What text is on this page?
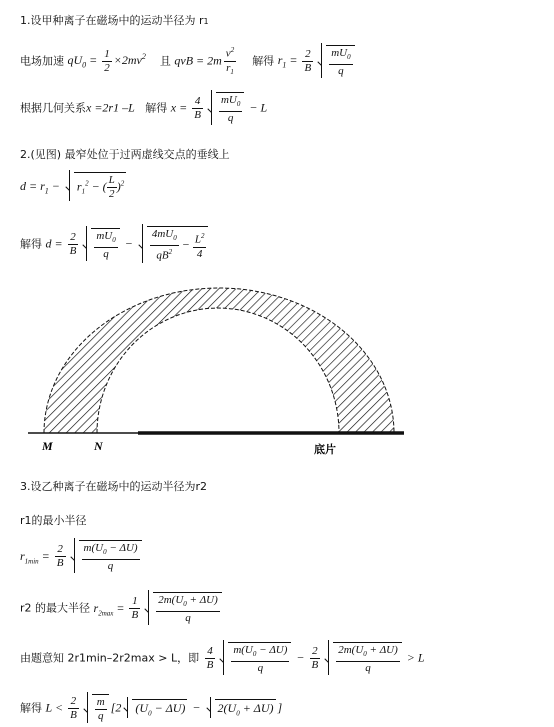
1.设甲种离子在磁场中的运动半径为 r1
电场加速 $qU_0 = \frac{1}{2} \times 2mv^2$ 且 qvB = $2m \frac{v^2}{r_1}$ 解得 $r_1 = \frac{2}{B} \frac{mU_0}{q}$
根据几何关系x =2r1 –L 解得 $x = \frac{4}{B} \frac{mU_0}{q} - L$
2.(见图) 最窄处位于过两虚线交点的垂线上
$d = r_1 - r_1^2$ − ( $\frac{L}{2} )^2$
解得 $d = \frac{2}{B} \frac{mU_0}{q} - \frac{4mU_0}{qB^2} - \frac{L^2}{4}$
M	N	底片
3.设乙种离子在磁场中的运动半径为r2
r1的最小半径
$r_{1min} = \frac{2}{B} \frac{m(U_0 - \Delta U)}{q}$
r2 的最大半径 $r_{2max} = \frac{1}{B} \frac{2m(U_0 + \Delta U)}{q}$
由题意知 2r1min–2r2max > L，即 $\frac{4}{B} \frac{m(U_0 - \Delta U)}{q} - \frac{2}{B} \frac{2m(U_0 + \Delta U)}{q} > L$
解得 $L < \frac{2}{B} \frac{m}{q} [2$ $(U_0 - \Delta U) - 2(U_0 + \Delta U)$ ]
